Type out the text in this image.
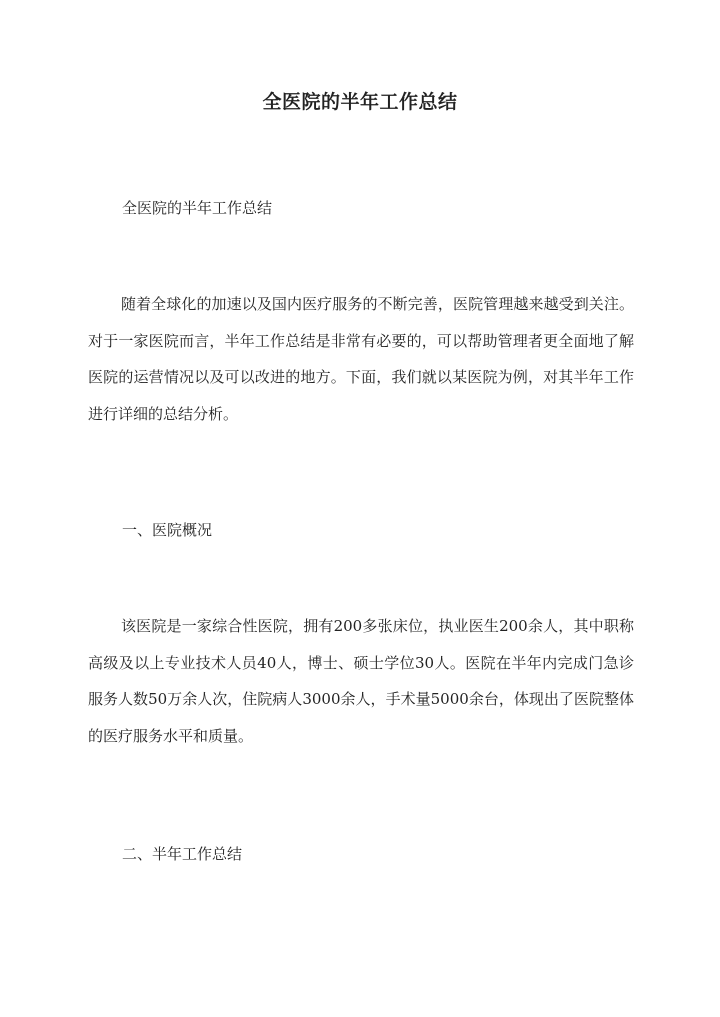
全医院的半年工作总结

全医院的半年工作总结

随着全球化的加速以及国内医疗服务的不断完善，医院管理越来越受到关注。对于一家医院而言，半年工作总结是非常有必要的，可以帮助管理者更全面地了解医院的运营情况以及可以改进的地方。下面，我们就以某医院为例，对其半年工作进行详细的总结分析。

一、医院概况

该医院是一家综合性医院，拥有200多张床位，执业医生200余人，其中职称高级及以上专业技术人员40人，博士、硕士学位30人。医院在半年内完成门急诊服务人数50万余人次，住院病人3000余人，手术量5000余台，体现出了医院整体的医疗服务水平和质量。

二、半年工作总结
